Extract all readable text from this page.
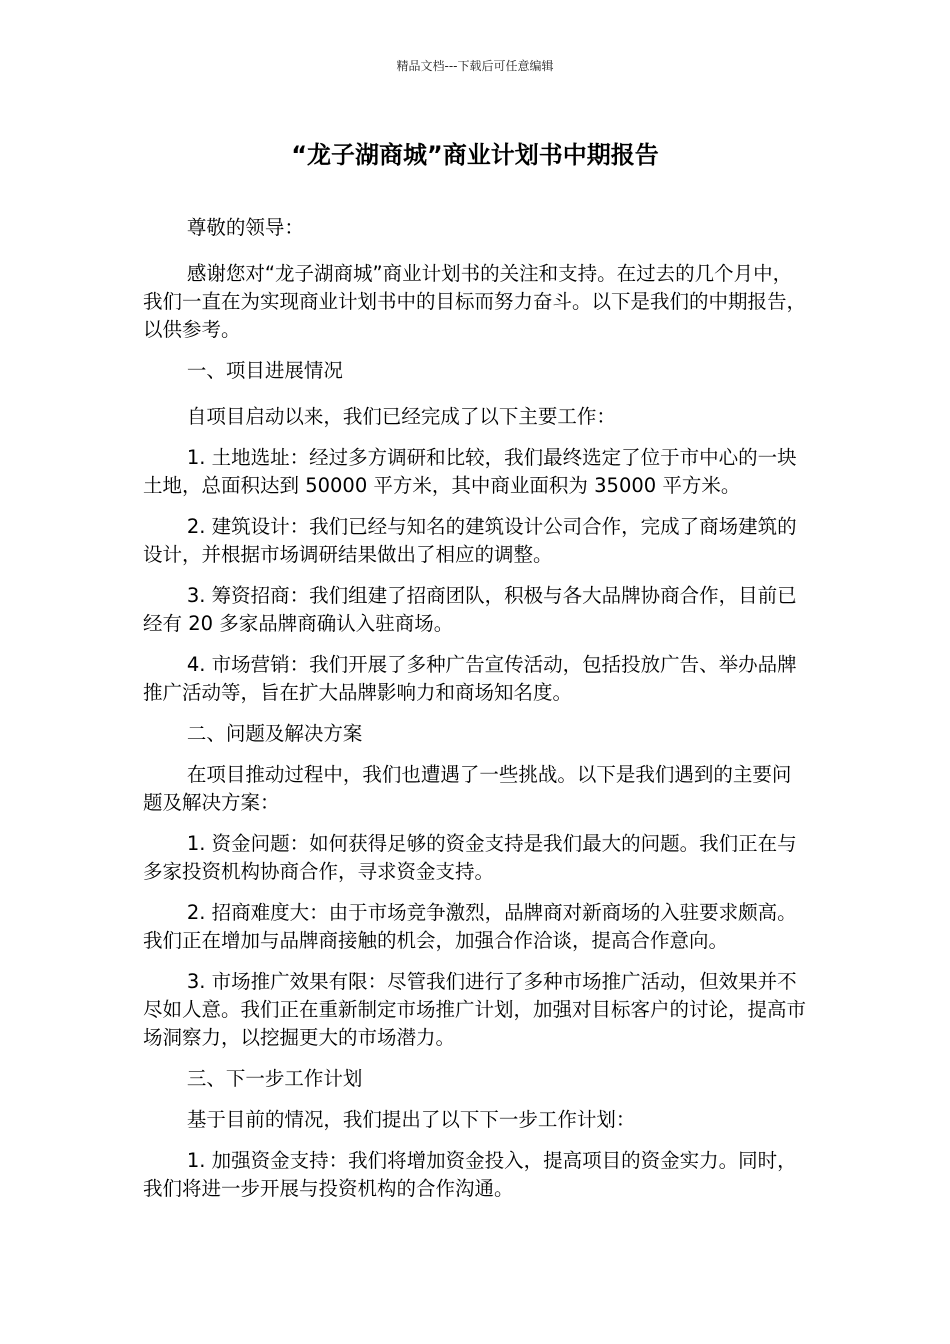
精品文档---下载后可任意编辑
“龙子湖商城”商业计划书中期报告

尊敬的领导：

感谢您对“龙子湖商城”商业计划书的关注和支持。在过去的几个月中，我们一直在为实现商业计划书中的目标而努力奋斗。以下是我们的中期报告，以供参考。

一、项目进展情况

自项目启动以来，我们已经完成了以下主要工作：

1. 土地选址：经过多方调研和比较，我们最终选定了位于市中心的一块土地，总面积达到 50000 平方米，其中商业面积为 35000 平方米。

2. 建筑设计：我们已经与知名的建筑设计公司合作，完成了商场建筑的设计，并根据市场调研结果做出了相应的调整。

3. 筹资招商：我们组建了招商团队，积极与各大品牌协商合作，目前已经有 20 多家品牌商确认入驻商场。

4. 市场营销：我们开展了多种广告宣传活动，包括投放广告、举办品牌推广活动等，旨在扩大品牌影响力和商场知名度。

二、问题及解决方案

在项目推动过程中，我们也遭遇了一些挑战。以下是我们遇到的主要问题及解决方案：

1. 资金问题：如何获得足够的资金支持是我们最大的问题。我们正在与多家投资机构协商合作，寻求资金支持。

2. 招商难度大：由于市场竞争激烈，品牌商对新商场的入驻要求颇高。我们正在增加与品牌商接触的机会，加强合作洽谈，提高合作意向。

3. 市场推广效果有限：尽管我们进行了多种市场推广活动，但效果并不尽如人意。我们正在重新制定市场推广计划，加强对目标客户的讨论，提高市场洞察力，以挖掘更大的市场潜力。

三、下一步工作计划

基于目前的情况，我们提出了以下下一步工作计划：

1. 加强资金支持：我们将增加资金投入，提高项目的资金实力。同时，我们将进一步开展与投资机构的合作沟通。
